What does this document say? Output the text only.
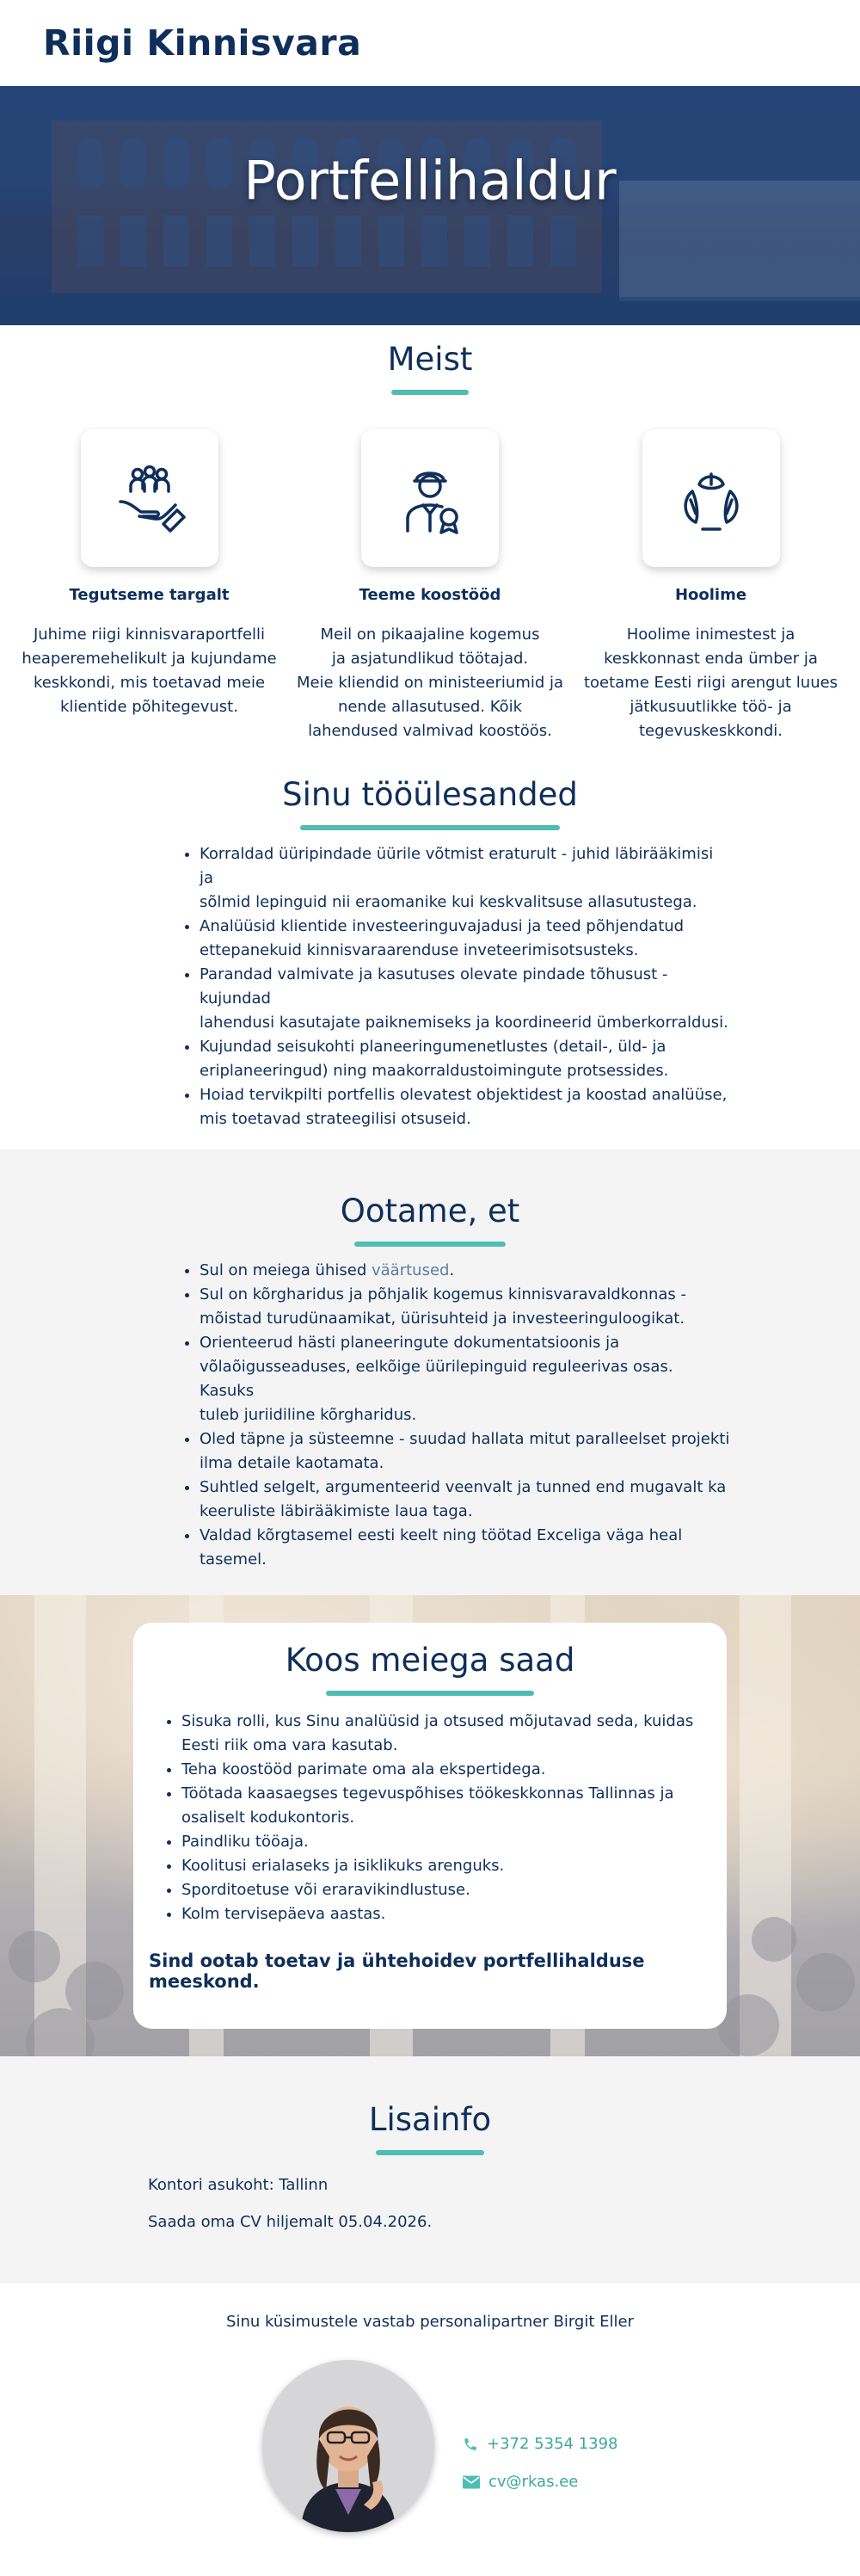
Riigi Kinnisvara
Portfellihaldur
Meist
Tegutseme targalt
Juhime riigi kinnisvaraportfelli
heaperemehelikult ja kujundame
keskkondi, mis toetavad meie
klientide põhitegevust.
Teeme koostööd
Meil on pikaajaline kogemus
ja asjatundlikud töötajad.
Meie kliendid on ministeeriumid ja
nende allasutused. Kõik
lahendused valmivad koostöös.
Hoolime
Hoolime inimestest ja
keskkonnast enda ümber ja
toetame Eesti riigi arengut luues
jätkusuutlikke töö- ja
tegevuskeskkondi.
Sinu tööülesanded
• Korraldad üüripindade üürile võtmist eraturult - juhid läbirääkimisi ja
sõlmid lepinguid nii eraomanike kui keskvalitsuse allasutustega.
• Analüüsid klientide investeeringuvajadusi ja teed põhjendatud
ettepanekuid kinnisvaraarenduse inveteerimisotsusteks.
• Parandad valmivate ja kasutuses olevate pindade tõhusust - kujundad
lahendusi kasutajate paiknemiseks ja koordineerid ümberkorraldusi.
• Kujundad seisukohti planeeringumenetlustes (detail-, üld- ja
eriplaneeringud) ning maakorraldustoimingute protsessides.
• Hoiad tervikpilti portfellis olevatest objektidest ja koostad analüüse,
mis toetavad strateegilisi otsuseid.
Ootame, et
• Sul on meiega ühised väärtused.
• Sul on kõrgharidus ja põhjalik kogemus kinnisvaravaldkonnas -
mõistad turudünaamikat, üürisuhteid ja investeeringuloogikat.
• Orienteerud hästi planeeringute dokumentatsioonis ja
võlaõigusseaduses, eelkõige üürilepinguid reguleerivas osas. Kasuks
tuleb juriidiline kõrgharidus.
• Oled täpne ja süsteemne - suudad hallata mitut paralleelset projekti
ilma detaile kaotamata.
• Suhtled selgelt, argumenteerid veenvalt ja tunned end mugavalt ka
keeruliste läbirääkimiste laua taga.
• Valdad kõrgtasemel eesti keelt ning töötad Exceliga väga heal tasemel.
Koos meiega saad
• Sisuka rolli, kus Sinu analüüsid ja otsused mõjutavad seda, kuidas
Eesti riik oma vara kasutab.
• Teha koostööd parimate oma ala ekspertidega.
• Töötada kaasaegses tegevuspõhises töökeskkonnas Tallinnas ja
osaliselt kodukontoris.
• Paindliku tööaja.
• Koolitusi erialaseks ja isiklikuks arenguks.
• Sporditoetuse või eraravikindlustuse.
• Kolm tervisepäeva aastas.
Sind ootab toetav ja ühtehoidev portfellihalduse meeskond.
Lisainfo
Kontori asukoht: Tallinn
Saada oma CV hiljemalt 05.04.2026.
Sinu küsimustele vastab personalipartner Birgit Eller
+372 5354 1398
cv@rkas.ee
